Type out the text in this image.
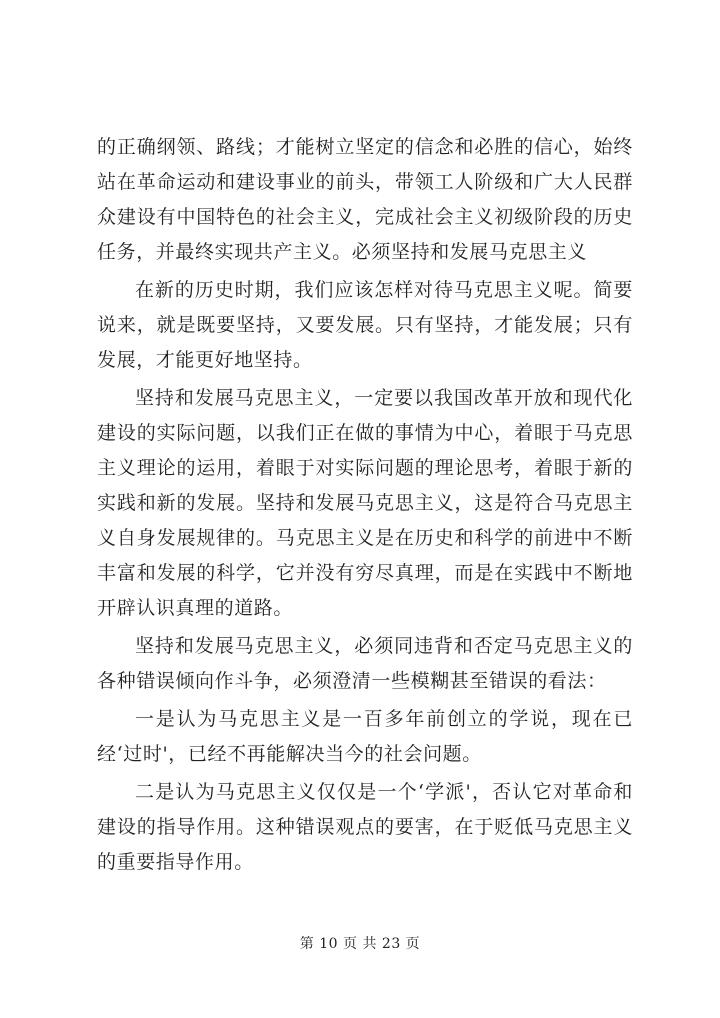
的正确纲领、路线；才能树立坚定的信念和必胜的信心，始终站在革命运动和建设事业的前头，带领工人阶级和广大人民群众建设有中国特色的社会主义，完成社会主义初级阶段的历史任务，并最终实现共产主义。必须坚持和发展马克思主义

在新的历史时期，我们应该怎样对待马克思主义呢。简要说来，就是既要坚持，又要发展。只有坚持，才能发展；只有发展，才能更好地坚持。

坚持和发展马克思主义，一定要以我国改革开放和现代化建设的实际问题，以我们正在做的事情为中心，着眼于马克思主义理论的运用，着眼于对实际问题的理论思考，着眼于新的实践和新的发展。坚持和发展马克思主义，这是符合马克思主义自身发展规律的。马克思主义是在历史和科学的前进中不断丰富和发展的科学，它并没有穷尽真理，而是在实践中不断地开辟认识真理的道路。

坚持和发展马克思主义，必须同违背和否定马克思主义的各种错误倾向作斗争，必须澄清一些模糊甚至错误的看法：

一是认为马克思主义是一百多年前创立的学说，现在已经‘过时'，已经不再能解决当今的社会问题。

二是认为马克思主义仅仅是一个‘学派'，否认它对革命和建设的指导作用。这种错误观点的要害，在于贬低马克思主义的重要指导作用。

第 10 页 共 23 页
